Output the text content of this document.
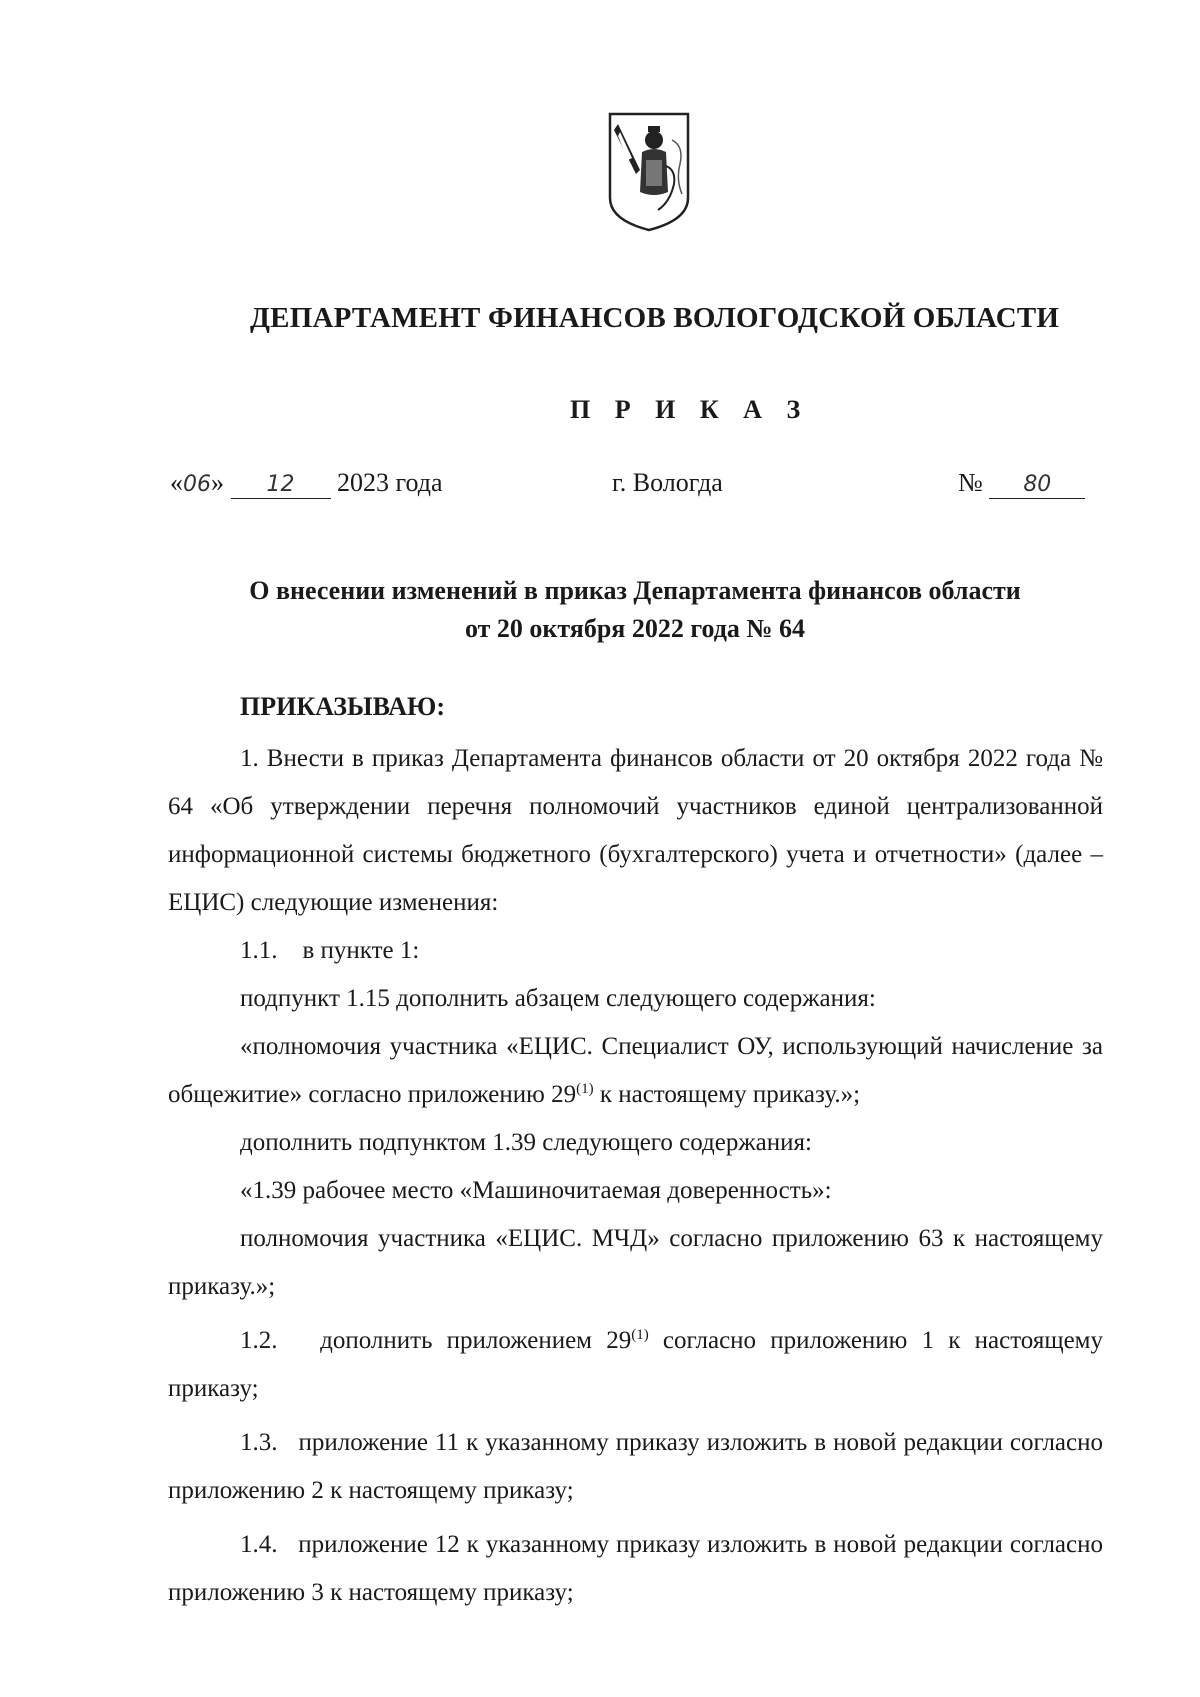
ДЕПАРТАМЕНТ ФИНАНСОВ ВОЛОГОДСКОЙ ОБЛАСТИ
П Р И К А З
«06» 12 2023 года	г. Вологда	№ 80
О внесении изменений в приказ Департамента финансов области
от 20 октября 2022 года № 64
ПРИКАЗЫВАЮ:

1. Внести в приказ Департамента финансов области от 20 октября 2022 года № 64 «Об утверждении перечня полномочий участников единой централизованной информационной системы бюджетного (бухгалтерского) учета и отчетности» (далее – ЕЦИС) следующие изменения:

1.1.    в пункте 1:

подпункт 1.15 дополнить абзацем следующего содержания:

«полномочия участника «ЕЦИС. Специалист ОУ, использующий начисление за общежитие» согласно приложению 29$^{(1)}$ к настоящему приказу.»;

дополнить подпунктом 1.39 следующего содержания:

«1.39 рабочее место «Машиночитаемая доверенность»:

полномочия участника «ЕЦИС. МЧД» согласно приложению 63 к настоящему приказу.»;

1.2.   дополнить приложением 29$^{(1)}$ согласно приложению 1 к настоящему приказу;

1.3.   приложение 11 к указанному приказу изложить в новой редакции согласно приложению 2 к настоящему приказу;

1.4.   приложение 12 к указанному приказу изложить в новой редакции согласно приложению 3 к настоящему приказу;
